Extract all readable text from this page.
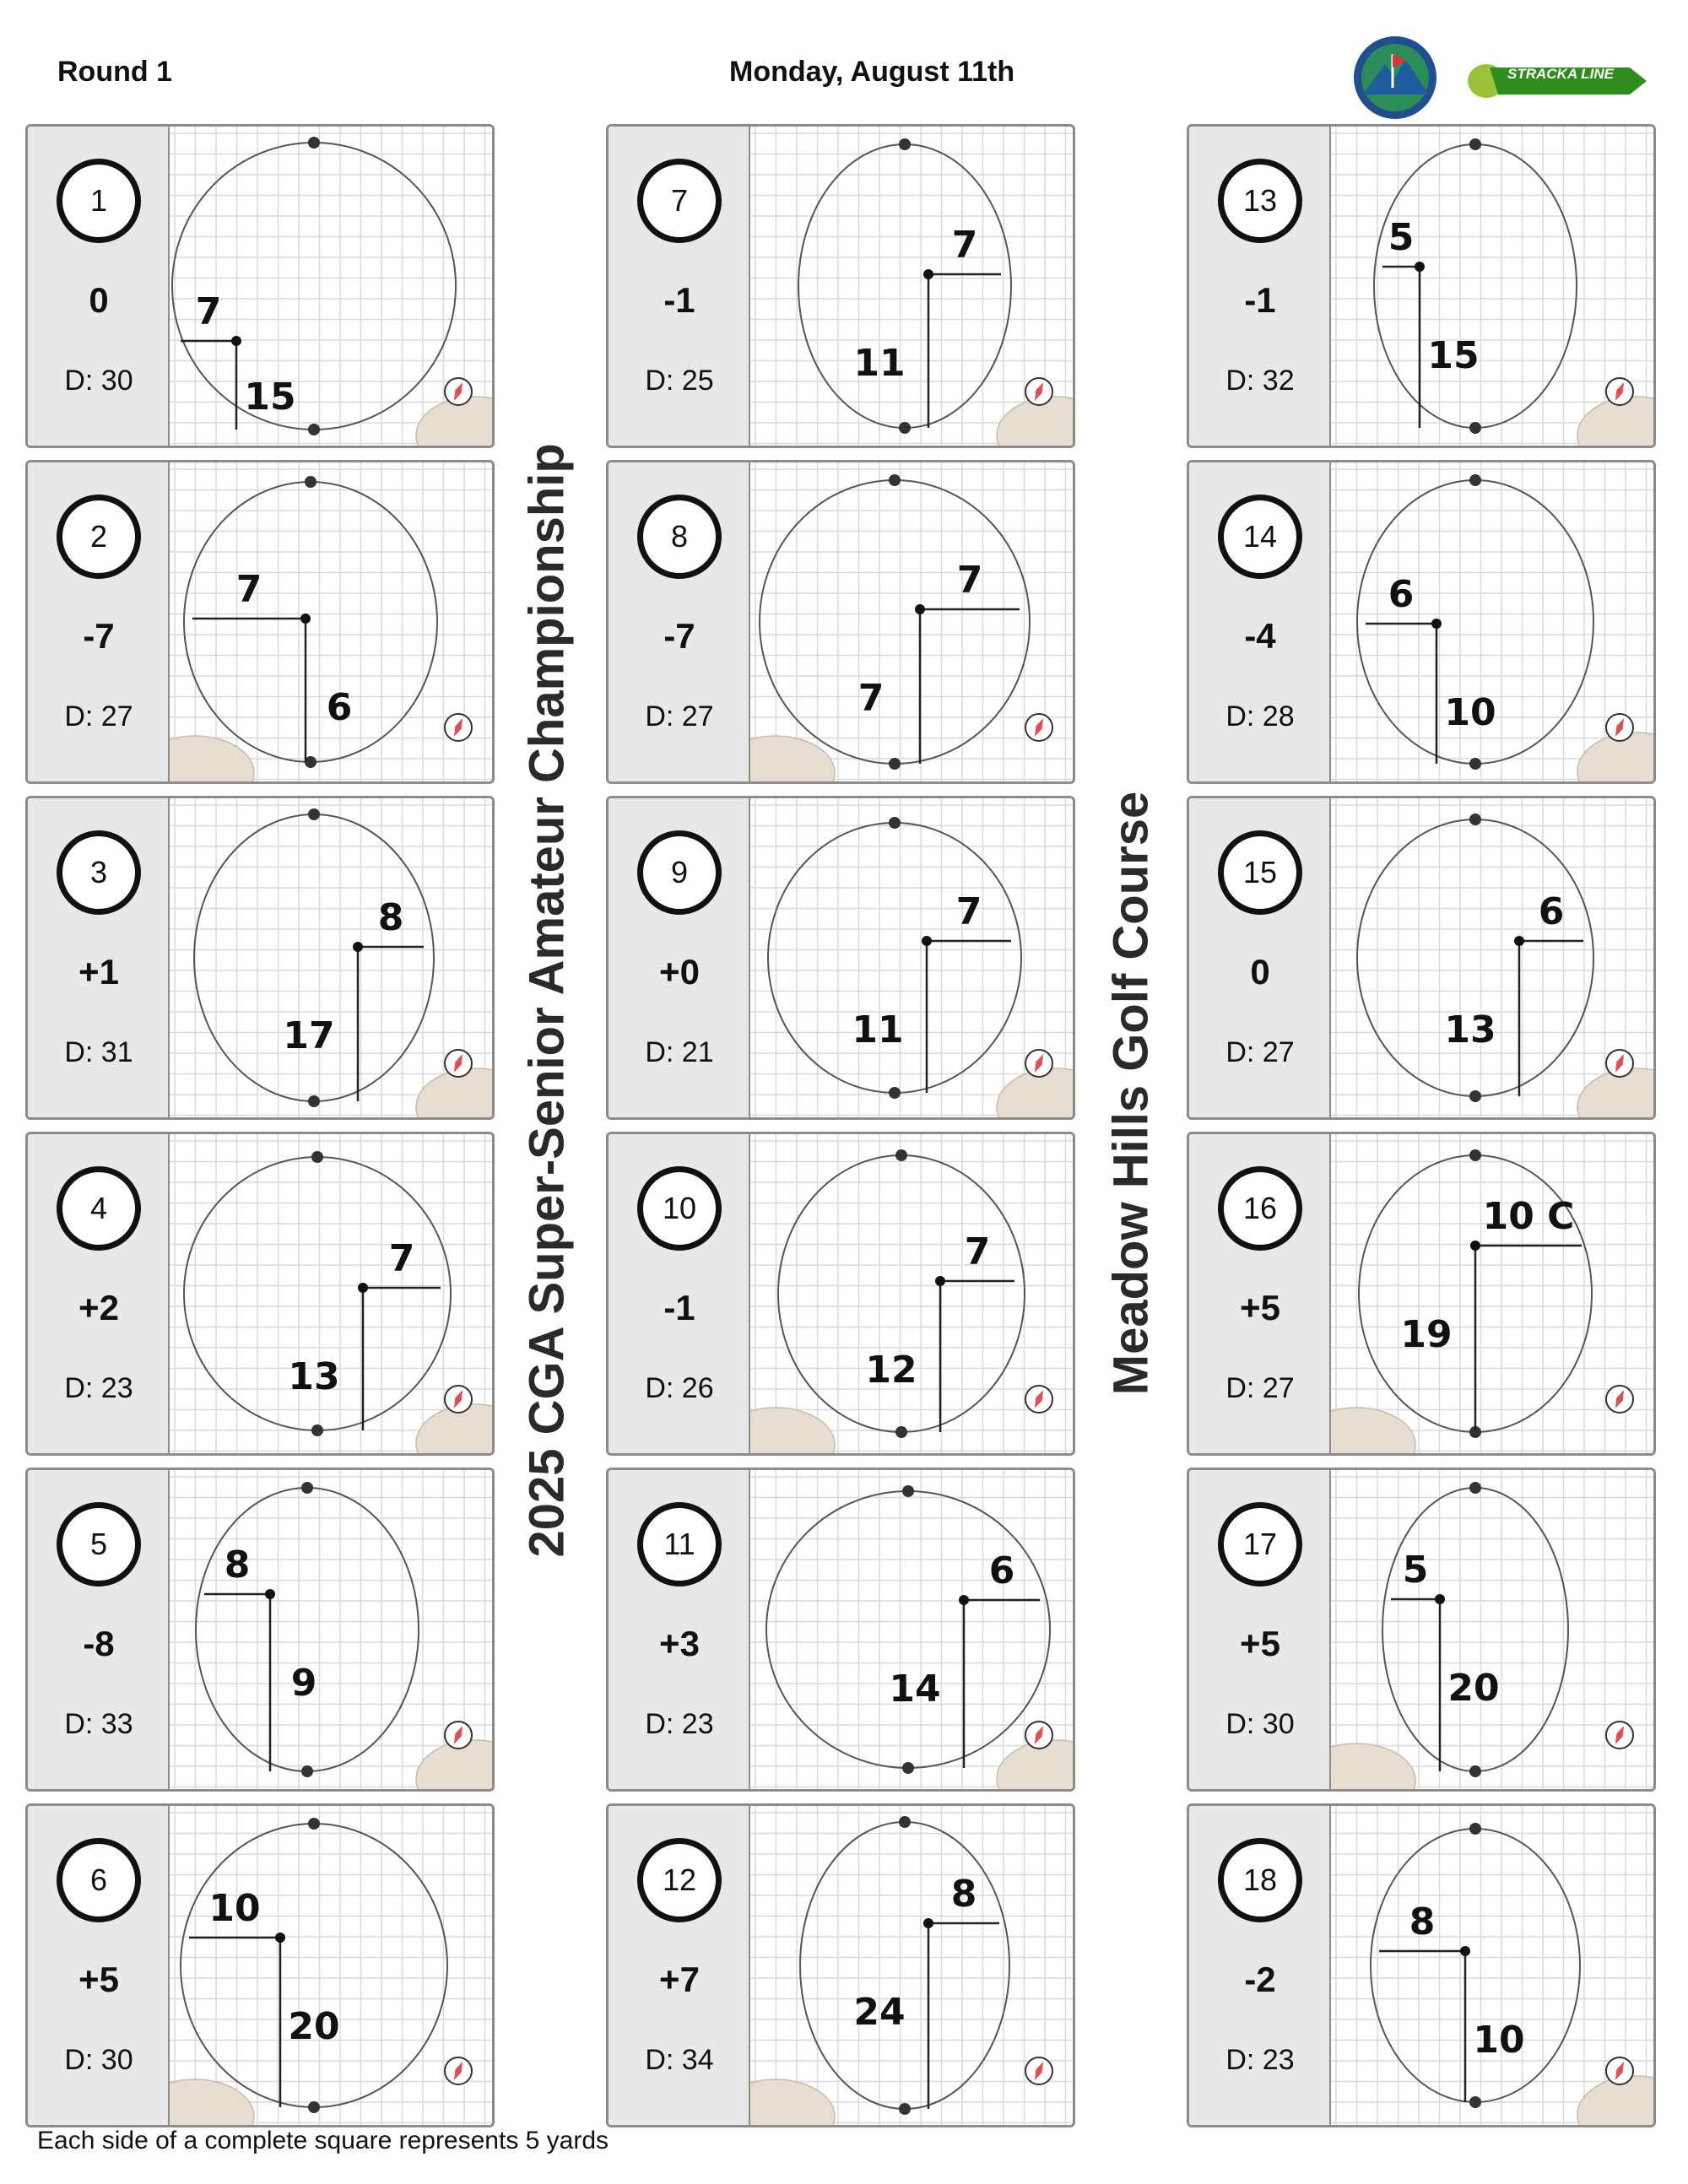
Round 1	Monday, August 11th	STRACKA LINE
1
0
D: 30
7
15
2
-7
D: 27
7
6
3
+1
D: 31
8
17
4
+2
D: 23
7
13
5
-8
D: 33
8
9
6
+5
D: 30
10
20
7
-1
D: 25
7
11
8
-7
D: 27
7
7
9
+0
D: 21
7
11
10
-1
D: 26
7
12
11
+3
D: 23
6
14
12
+7
D: 34
8
24
13
-1
D: 32
5
15
14
-4
D: 28
6
10
15
0
D: 27
6
13
16
+5
D: 27
10 C
19
17
+5
D: 30
5
20
18
-2
D: 23
8
10
2025 CGA Super-Senior Amateur Championship	Meadow Hills Golf Course
Each side of a complete square represents 5 yards
